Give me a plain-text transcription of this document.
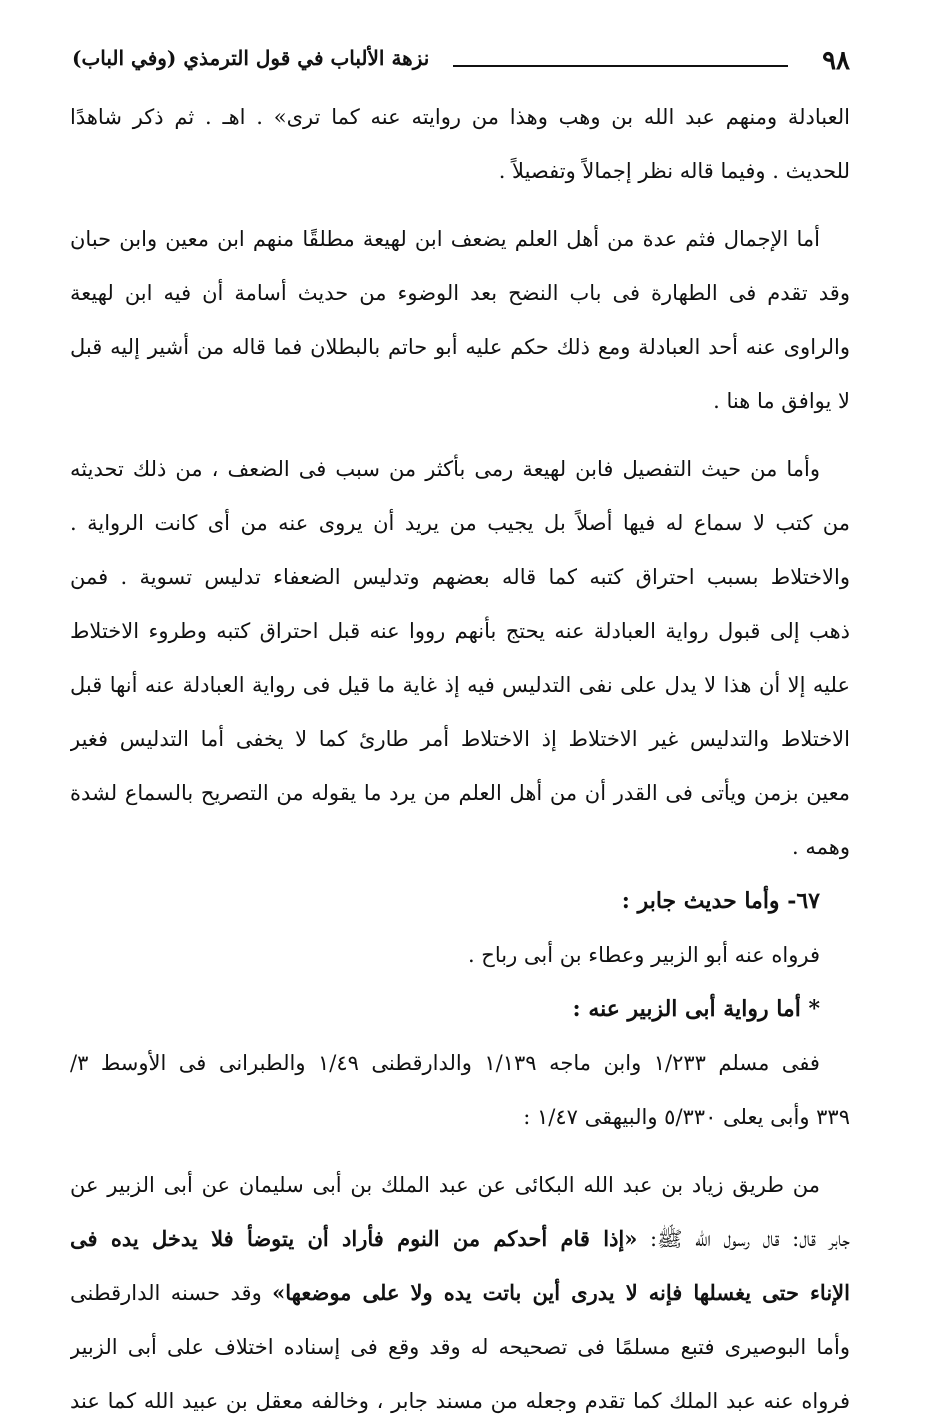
٩٨
نزهة الألباب في قول الترمذي (وفي الباب)
العبادلة ومنهم عبد الله بن وهب وهذا من روايته عنه كما ترى» . اهـ . ثم ذكر شاهدًا
للحديث . وفيما قاله نظر إجمالاً وتفصيلاً .
أما الإجمال فثم عدة من أهل العلم يضعف ابن لهيعة مطلقًا منهم ابن معين وابن حبان
وقد تقدم فى الطهارة فى باب النضح بعد الوضوء من حديث أسامة أن فيه ابن لهيعة
والراوى عنه أحد العبادلة ومع ذلك حكم عليه أبو حاتم بالبطلان فما قاله من أشير إليه قبل
لا يوافق ما هنا .
وأما من حيث التفصيل فابن لهيعة رمى بأكثر من سبب فى الضعف ، من ذلك تحديثه
من كتب لا سماع له فيها أصلاً بل يجيب من يريد أن يروى عنه من أى كانت الرواية .
والاختلاط بسبب احتراق كتبه كما قاله بعضهم وتدليس الضعفاء تدليس تسوية . فمن
ذهب إلى قبول رواية العبادلة عنه يحتج بأنهم رووا عنه قبل احتراق كتبه وطروء الاختلاط
عليه إلا أن هذا لا يدل على نفى التدليس فيه إذ غاية ما قيل فى رواية العبادلة عنه أنها قبل
الاختلاط والتدليس غير الاختلاط إذ الاختلاط أمر طارئ كما لا يخفى أما التدليس فغير
معين بزمن ويأتى فى القدر أن من أهل العلم من يرد ما يقوله من التصريح بالسماع لشدة
وهمه .
٦٧- وأما حديث جابر :
فرواه عنه أبو الزبير وعطاء بن أبى رباح .
* أما رواية أبى الزبير عنه :
ففى مسلم ١/٢٣٣ وابن ماجه ١/١٣٩ والدارقطنى ١/٤٩ والطبرانى فى الأوسط ٣/
٣٣٩ وأبى يعلى ٥/٣٣٠ والبيهقى ١/٤٧ :
من طريق زياد بن عبد الله البكائى عن عبد الملك بن أبى سليمان عن أبى الزبير عن
جابر قال: قال رسول الله ﷺ: «إذا قام أحدكم من النوم فأراد أن يتوضأ فلا يدخل يده فى
الإناء حتى يغسلها فإنه لا يدرى أين باتت يده ولا على موضعها» وقد حسنه الدارقطنى
وأما البوصيرى فتبع مسلمًا فى تصحيحه له وقد وقع فى إسناده اختلاف على أبى الزبير
فرواه عنه عبد الملك كما تقدم وجعله من مسند جابر ، وخالفه معقل بن عبيد الله كما عند
